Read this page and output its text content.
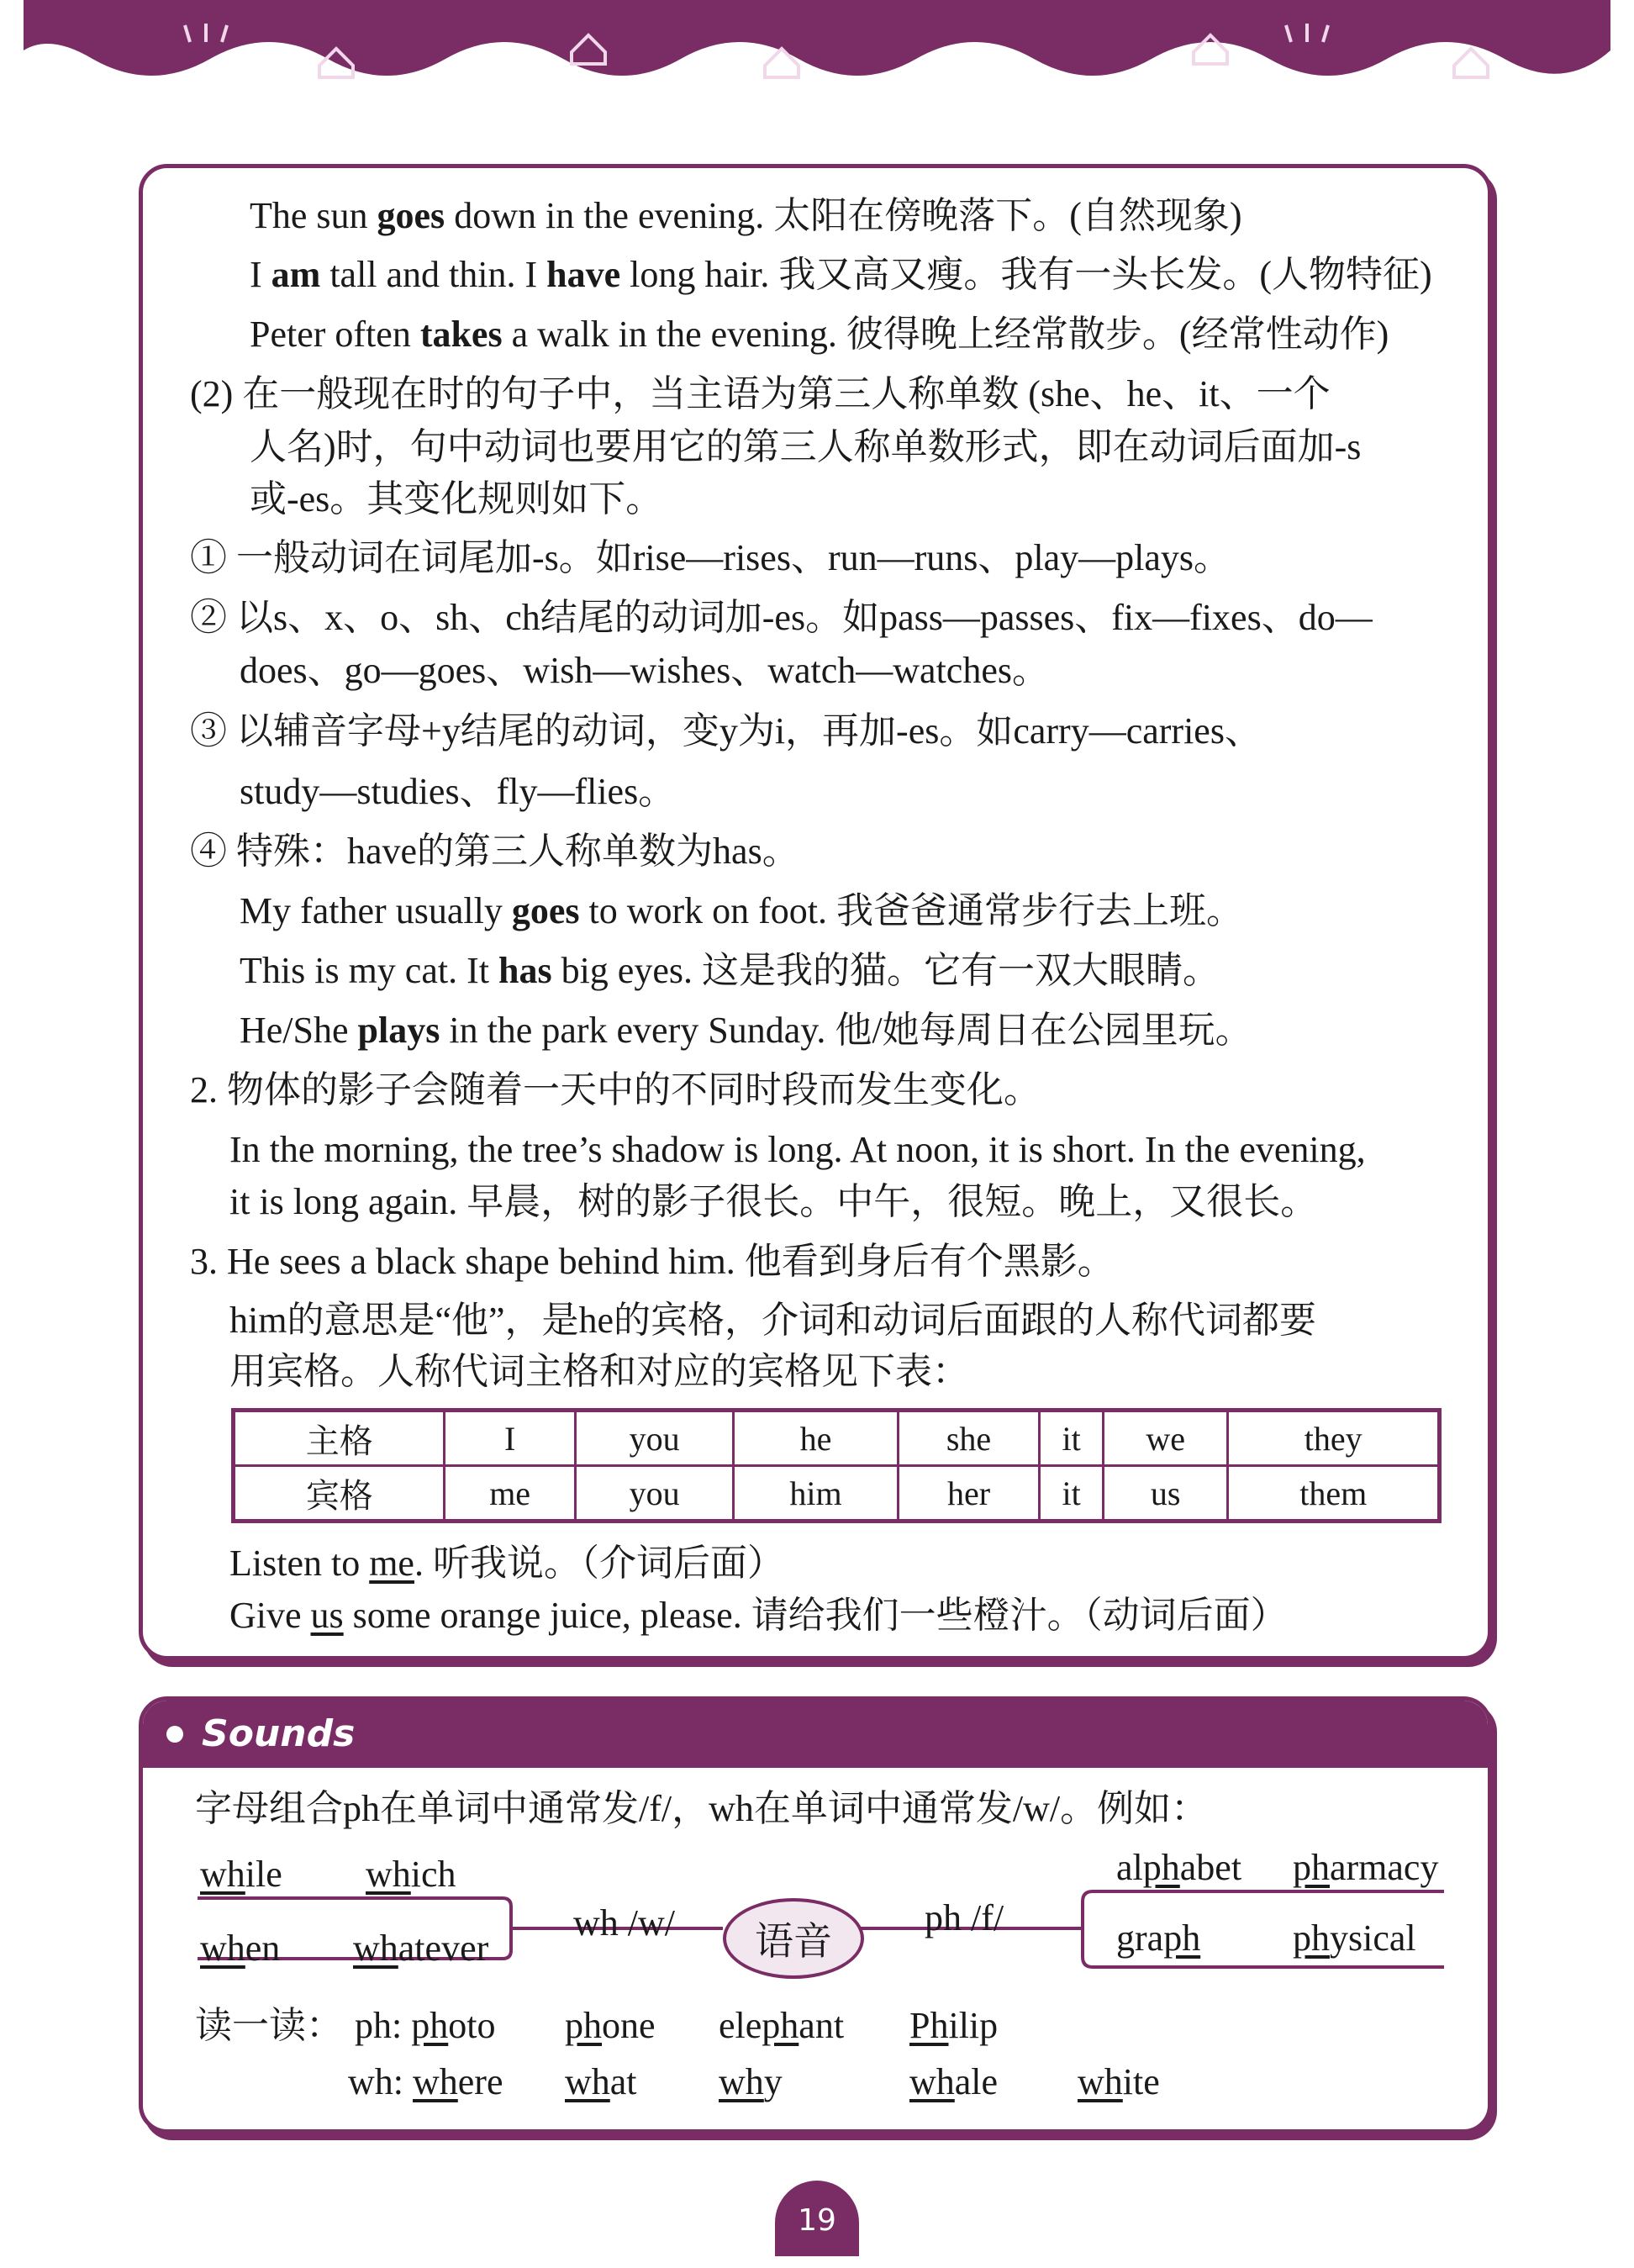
The sun goes down in the evening. 太阳在傍晚落下。(自然现象)
I am tall and thin. I have long hair. 我又高又瘦。我有一头长发。(人物特征)
Peter often takes a walk in the evening. 彼得晚上经常散步。(经常性动作)
(2) 在一般现在时的句子中，当主语为第三人称单数 (she、he、it、一个
人名)时，句中动词也要用它的第三人称单数形式，即在动词后面加-s
或-es。其变化规则如下。
① 一般动词在词尾加-s。如rise—rises、run—runs、play—plays。
② 以s、x、o、sh、ch结尾的动词加-es。如pass—passes、fix—fixes、do—
does、go—goes、wish—wishes、watch—watches。
③ 以辅音字母+y结尾的动词，变y为i，再加-es。如carry—carries、
study—studies、fly—flies。
④ 特殊：have的第三人称单数为has。
My father usually goes to work on foot. 我爸爸通常步行去上班。
This is my cat. It has big eyes. 这是我的猫。它有一双大眼睛。
He/She plays in the park every Sunday. 他/她每周日在公园里玩。
2. 物体的影子会随着一天中的不同时段而发生变化。
In the morning, the tree’s shadow is long. At noon, it is short. In the evening,
it is long again. 早晨，树的影子很长。中午，很短。晚上，又很长。
3. He sees a black shape behind him. 他看到身后有个黑影。
him的意思是“他”，是he的宾格，介词和动词后面跟的人称代词都要
用宾格。人称代词主格和对应的宾格见下表：
主格	I	you	he	she	it	we	they
宾格	me	you	him	her	it	us	them
Listen to me. 听我说。（介词后面）
Give us some orange juice, please. 请给我们一些橙汁。（动词后面）
Sounds
字母组合ph在单词中通常发/f/，wh在单词中通常发/w/。例如：
语音
wh /w/	ph /f/
while which
when whatever
alphabet pharmacy
graph physical
读一读： ph: photo phone elephant Philip
wh: where what why	whale white
19
